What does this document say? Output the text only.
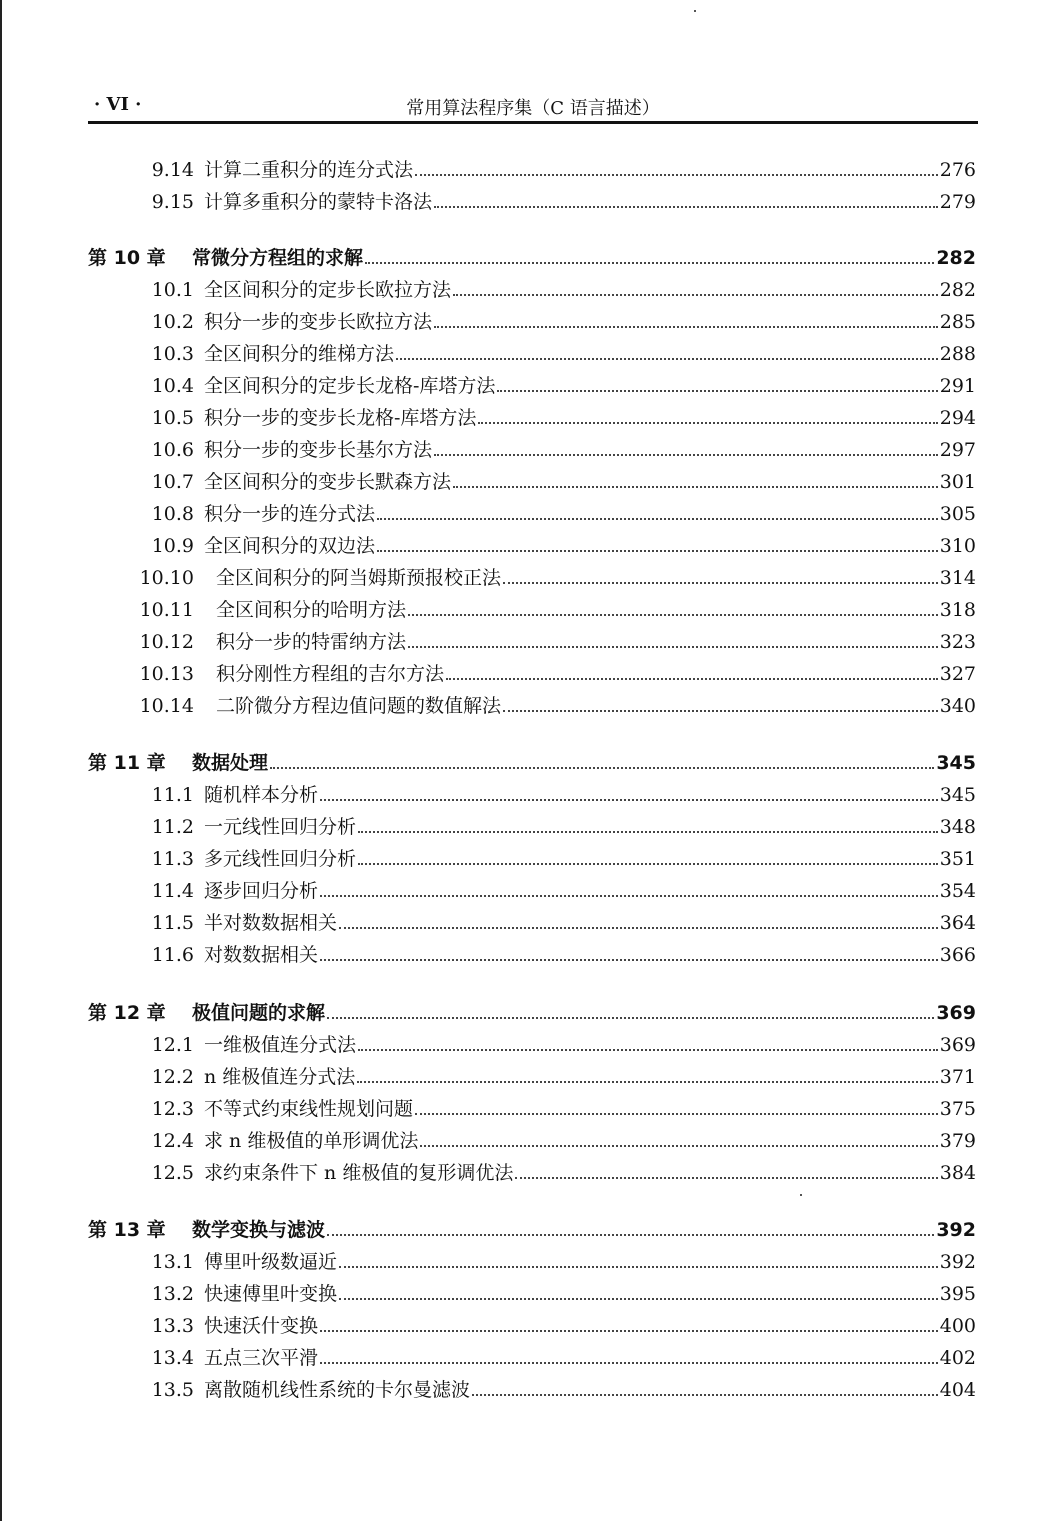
· VI ·	常用算法程序集（C 语言描述）
9.14 计算二重积分的连分式法	276
9.15 计算多重积分的蒙特卡洛法	279
第 10 章	常微分方程组的求解	282
10.1 全区间积分的定步长欧拉方法	282
10.2 积分一步的变步长欧拉方法	285
10.3 全区间积分的维梯方法	288
10.4 全区间积分的定步长龙格-库塔方法	291
10.5 积分一步的变步长龙格-库塔方法	294
10.6 积分一步的变步长基尔方法	297
10.7 全区间积分的变步长默森方法	301
10.8 积分一步的连分式法	305
10.9 全区间积分的双边法	310
10.10 全区间积分的阿当姆斯预报校正法	314
10.11 全区间积分的哈明方法	318
10.12 积分一步的特雷纳方法	323
10.13 积分刚性方程组的吉尔方法	327
10.14 二阶微分方程边值问题的数值解法	340
第 11 章	数据处理	345
11.1 随机样本分析	345
11.2 一元线性回归分析	348
11.3 多元线性回归分析	351
11.4 逐步回归分析	354
11.5 半对数数据相关	364
11.6 对数数据相关	366
第 12 章	极值问题的求解	369
12.1 一维极值连分式法	369
12.2 n 维极值连分式法	371
12.3 不等式约束线性规划问题	375
12.4 求 n 维极值的单形调优法	379
12.5 求约束条件下 n 维极值的复形调优法	384
第 13 章	数学变换与滤波	392
13.1 傅里叶级数逼近	392
13.2 快速傅里叶变换	395
13.3 快速沃什变换	400
13.4 五点三次平滑	402
13.5 离散随机线性系统的卡尔曼滤波	404
